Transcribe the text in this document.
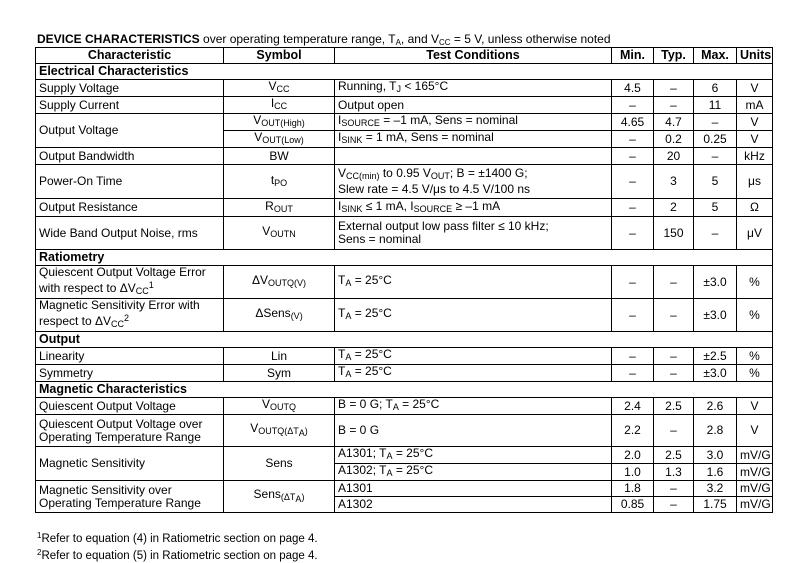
DEVICE CHARACTERISTICS over operating temperature range, $T_A$, and $V_{CC} = 5$ V, unless otherwise noted
Characteristic	Symbol	Test Conditions	Min.	Typ.	Max.	Units
Electrical Characteristics						
Supply Voltage	$V_{CC}$	Running, $T_J < 165^\circ C$	4.5	–	6	V
Supply Current	$I_{CC}$	Output open	–	–	11	mA
Output Voltage	$V_{OUT(High)}$	$I_{SOURCE} = -1$ mA, Sens = nominal	4.65	4.7	–	V
	$V_{OUT(Low)}$	$I_{SINK} = 1$ mA, Sens = nominal	–	0.2	0.25	V
Output Bandwidth	BW		–	20	–	kHz
Power-On Time	$t_{PO}$	$V_{CC(min)}$ to 0.95 $V_{OUT}$; B = ±1400 G;
Slew rate = 4.5 V/μs to 4.5 V/100 ns	–	3	5	μs
Output Resistance	$R_{OUT}$	$I_{SINK} \le 1$ mA, $I_{SOURCE} \ge -1$ mA	–	2	5	Ω
Wide Band Output Noise, rms	$V_{OUTN}$	External output low pass filter ≤ 10 kHz;
Sens = nominal	–	150	–	μV
Ratiometry						
Quiescent Output Voltage Error
with respect to $\Delta V_{CC}^1$	$\Delta V_{OUTQ(V)}$	$T_A = 25^\circ C$	–	–	±3.0	%
Magnetic Sensitivity Error with
respect to $\Delta V_{CC}^2$	ΔSens$_{(V)}$	$T_A = 25^\circ C$	–	–	±3.0	%
Output						
Linearity	Lin	$T_A = 25^\circ C$	–	–	±2.5	%
Symmetry	Sym	$T_A = 25^\circ C$	–	–	±3.0	%
Magnetic Characteristics						
Quiescent Output Voltage	$V_{OUTQ}$	B = 0 G; $T_A = 25^\circ C$	2.4	2.5	2.6	V
Quiescent Output Voltage over
Operating Temperature Range	$V_{OUTQ(\Delta T_A)}$	B = 0 G	2.2	–	2.8	V
Magnetic Sensitivity	Sens	A1301; $T_A = 25^\circ C$	2.0	2.5	3.0	mV/G
		A1302; $T_A = 25^\circ C$	1.0	1.3	1.6	mV/G
Magnetic Sensitivity over
Operating Temperature Range	Sens$_{(\Delta T_A)}$	A1301	1.8	–	3.2	mV/G
		A1302	0.85	–	1.75	mV/G
$^1$Refer to equation (4) in Ratiometric section on page 4.
$^2$Refer to equation (5) in Ratiometric section on page 4.
